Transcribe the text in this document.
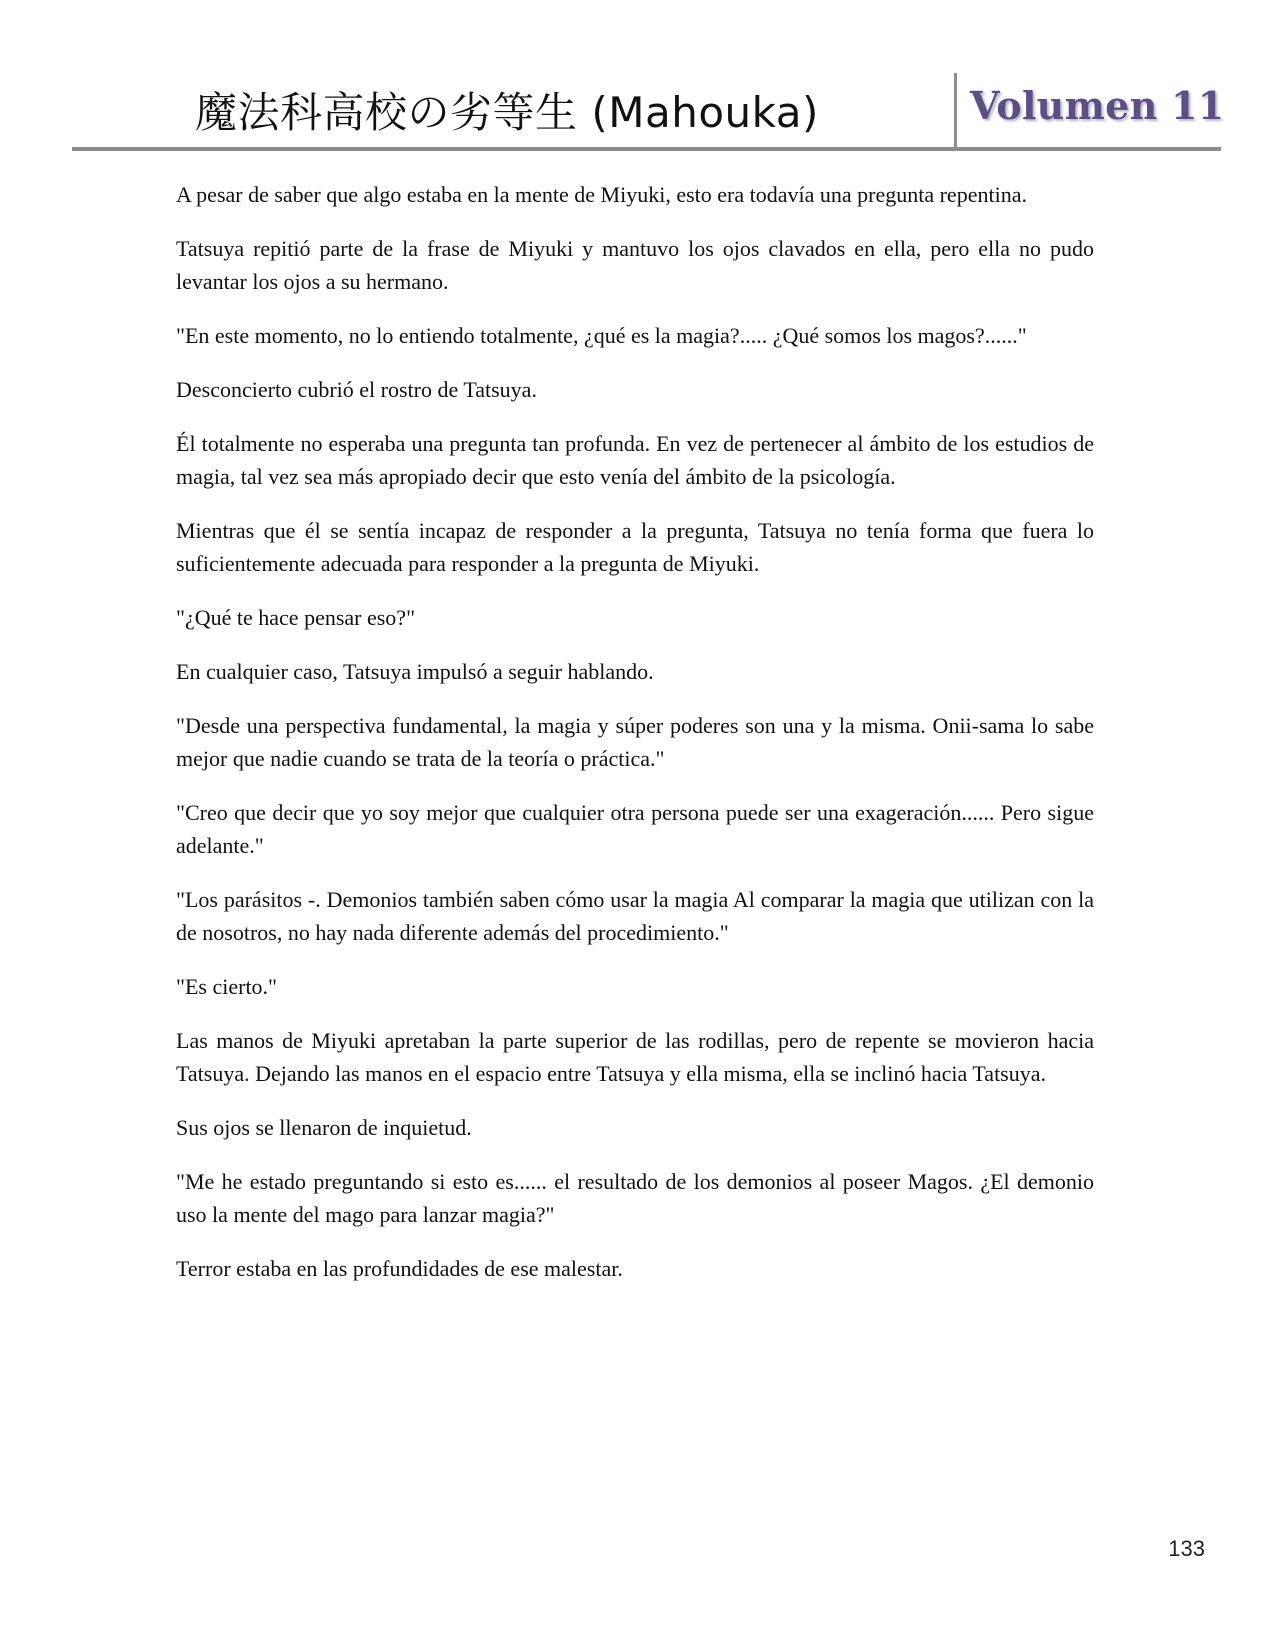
魔法科高校の劣等生 (Mahouka)	Volumen 11

A pesar de saber que algo estaba en la mente de Miyuki, esto era todavía una pregunta repentina.

Tatsuya repitió parte de la frase de Miyuki y mantuvo los ojos clavados en ella, pero ella no pudo levantar los ojos a su hermano.

"En este momento, no lo entiendo totalmente, ¿qué es la magia?..... ¿Qué somos los magos?......"

Desconcierto cubrió el rostro de Tatsuya.

Él totalmente no esperaba una pregunta tan profunda. En vez de pertenecer al ámbito de los estudios de magia, tal vez sea más apropiado decir que esto venía del ámbito de la psicología.

Mientras que él se sentía incapaz de responder a la pregunta, Tatsuya no tenía forma que fuera lo suficientemente adecuada para responder a la pregunta de Miyuki.

"¿Qué te hace pensar eso?"

En cualquier caso, Tatsuya impulsó a seguir hablando.

"Desde una perspectiva fundamental, la magia y súper poderes son una y la misma. Onii-sama lo sabe mejor que nadie cuando se trata de la teoría o práctica."

"Creo que decir que yo soy mejor que cualquier otra persona puede ser una exageración...... Pero sigue adelante."

"Los parásitos -. Demonios también saben cómo usar la magia Al comparar la magia que utilizan con la de nosotros, no hay nada diferente además del procedimiento."

"Es cierto."

Las manos de Miyuki apretaban la parte superior de las rodillas, pero de repente se movieron hacia Tatsuya. Dejando las manos en el espacio entre Tatsuya y ella misma, ella se inclinó hacia Tatsuya.

Sus ojos se llenaron de inquietud.

"Me he estado preguntando si esto es...... el resultado de los demonios al poseer Magos. ¿El demonio uso la mente del mago para lanzar magia?"

Terror estaba en las profundidades de ese malestar.

133
